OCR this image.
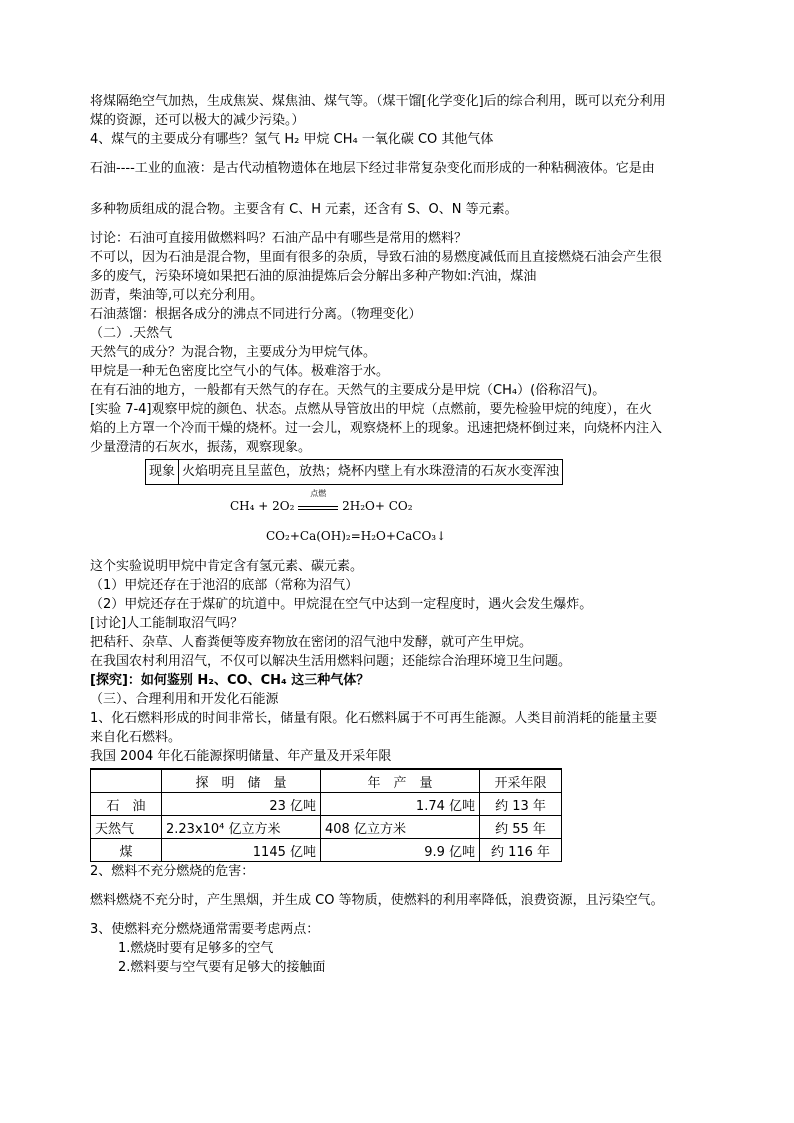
将煤隔绝空气加热，生成焦炭、煤焦油、煤气等。（煤干馏[化学变化]后的综合利用，既可以充分利用
煤的资源，还可以极大的减少污染。）
4、煤气的主要成分有哪些？氢气 H₂ 甲烷 CH₄ 一氧化碳 CO 其他气体
石油----工业的血液：是古代动植物遗体在地层下经过非常复杂变化而形成的一种粘稠液体。它是由
多种物质组成的混合物。主要含有 C、H 元素，还含有 S、O、N 等元素。
讨论：石油可直接用做燃料吗？石油产品中有哪些是常用的燃料？
不可以，因为石油是混合物，里面有很多的杂质，导致石油的易燃度减低而且直接燃烧石油会产生很
多的废气，污染环境如果把石油的原油提炼后会分解出多种产物如:汽油，煤油
沥青，柴油等,可以充分利用。
石油蒸馏：根据各成分的沸点不同进行分离。（物理变化）
（二）.天然气
天然气的成分？为混合物，主要成分为甲烷气体。
甲烷是一种无色密度比空气小的气体。极难溶于水。
在有石油的地方，一般都有天然气的存在。天然气的主要成分是甲烷（CH₄）(俗称沼气)。
[实验 7-4]观察甲烷的颜色、状态。点燃从导管放出的甲烷（点燃前，要先检验甲烷的纯度），在火
焰的上方罩一个冷而干燥的烧杯。过一会儿，观察烧杯上的现象。迅速把烧杯倒过来，向烧杯内注入
少量澄清的石灰水，振荡，观察现象。
现象	火焰明亮且呈蓝色，放热；烧杯内壁上有水珠澄清的石灰水变浑浊
CH₄ + 2O₂
点燃
2H₂O+ CO₂
CO₂+Ca(OH)₂=H₂O+CaCO₃↓
这个实验说明甲烷中肯定含有氢元素、碳元素。
（1）甲烷还存在于池沼的底部（常称为沼气）
（2）甲烷还存在于煤矿的坑道中。甲烷混在空气中达到一定程度时，遇火会发生爆炸。
[讨论]人工能制取沼气吗？
把秸秆、杂草、人畜粪便等废弃物放在密闭的沼气池中发酵，就可产生甲烷。
在我国农村利用沼气，不仅可以解决生活用燃料问题；还能综合治理环境卫生问题。
[探究]：如何鉴别 H₂、CO、CH₄ 这三种气体？
（三）、合理利用和开发化石能源
1、化石燃料形成的时间非常长，储量有限。化石燃料属于不可再生能源。人类目前消耗的能量主要
来自化石燃料。
我国 2004 年化石能源探明储量、年产量及开采年限
	探　明　储　量	年　产　量	开采年限
石　油	23 亿吨	1.74 亿吨	约 13 年
天然气	2.23x10⁴ 亿立方米	408 亿立方米	约 55 年
煤	1145 亿吨	9.9 亿吨	约 116 年
2、燃料不充分燃烧的危害：
燃料燃烧不充分时，产生黑烟，并生成 CO 等物质，使燃料的利用率降低，浪费资源，且污染空气。
3、使燃料充分燃烧通常需要考虑两点：
1.燃烧时要有足够多的空气
2.燃料要与空气要有足够大的接触面
